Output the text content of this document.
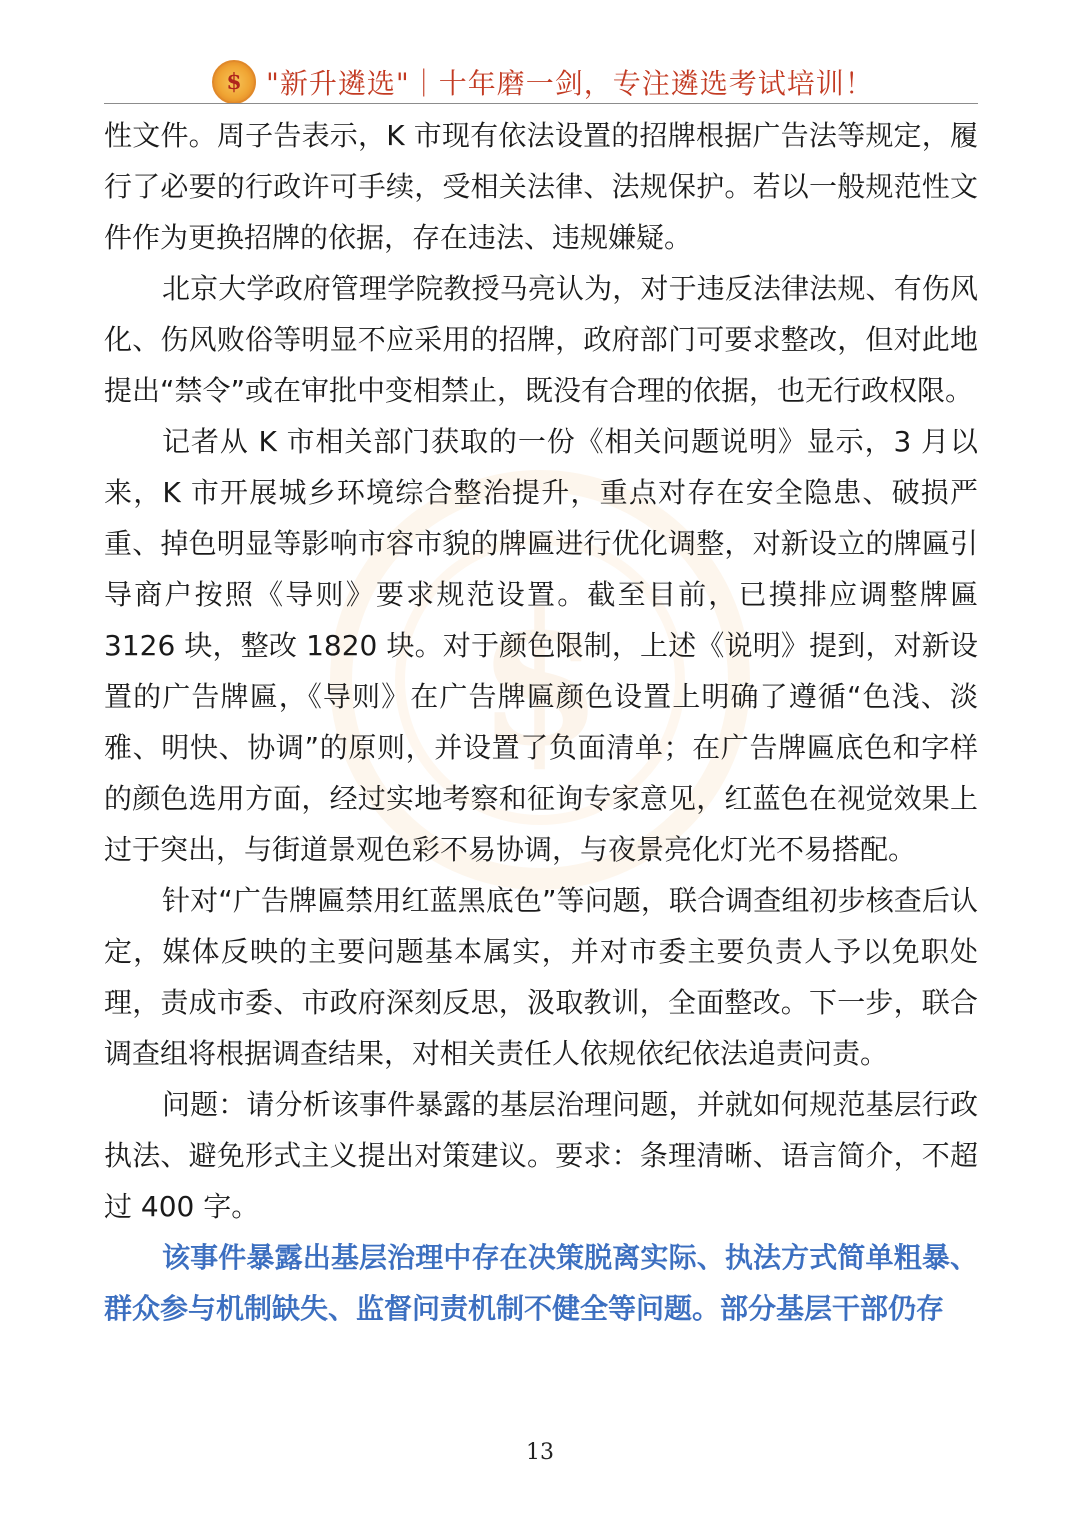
$ "新升遴选"｜十年磨一剑，专注遴选考试培训！
$

性文件。周子告表示，K 市现有依法设置的招牌根据广告法等规定，履行了必要的行政许可手续，受相关法律、法规保护。若以一般规范性文件作为更换招牌的依据，存在违法、违规嫌疑。

北京大学政府管理学院教授马亮认为，对于违反法律法规、有伤风化、伤风败俗等明显不应采用的招牌，政府部门可要求整改，但对此地提出“禁令”或在审批中变相禁止，既没有合理的依据，也无行政权限。

记者从 K 市相关部门获取的一份《相关问题说明》显示，3 月以来，K 市开展城乡环境综合整治提升，重点对存在安全隐患、破损严重、掉色明显等影响市容市貌的牌匾进行优化调整，对新设立的牌匾引导商户按照《导则》要求规范设置。截至目前，已摸排应调整牌匾 3126 块，整改 1820 块。对于颜色限制，上述《说明》提到，对新设置的广告牌匾，《导则》在广告牌匾颜色设置上明确了遵循“色浅、淡雅、明快、协调”的原则，并设置了负面清单；在广告牌匾底色和字样的颜色选用方面，经过实地考察和征询专家意见，红蓝色在视觉效果上过于突出，与街道景观色彩不易协调，与夜景亮化灯光不易搭配。

针对“广告牌匾禁用红蓝黑底色”等问题，联合调查组初步核查后认定，媒体反映的主要问题基本属实，并对市委主要负责人予以免职处理，责成市委、市政府深刻反思，汲取教训，全面整改。下一步，联合调查组将根据调查结果，对相关责任人依规依纪依法追责问责。

问题：请分析该事件暴露的基层治理问题，并就如何规范基层行政执法、避免形式主义提出对策建议。要求：条理清晰、语言简介，不超过 400 字。

该事件暴露出基层治理中存在决策脱离实际、执法方式简单粗暴、群众参与机制缺失、监督问责机制不健全等问题。部分基层干部仍存

13
